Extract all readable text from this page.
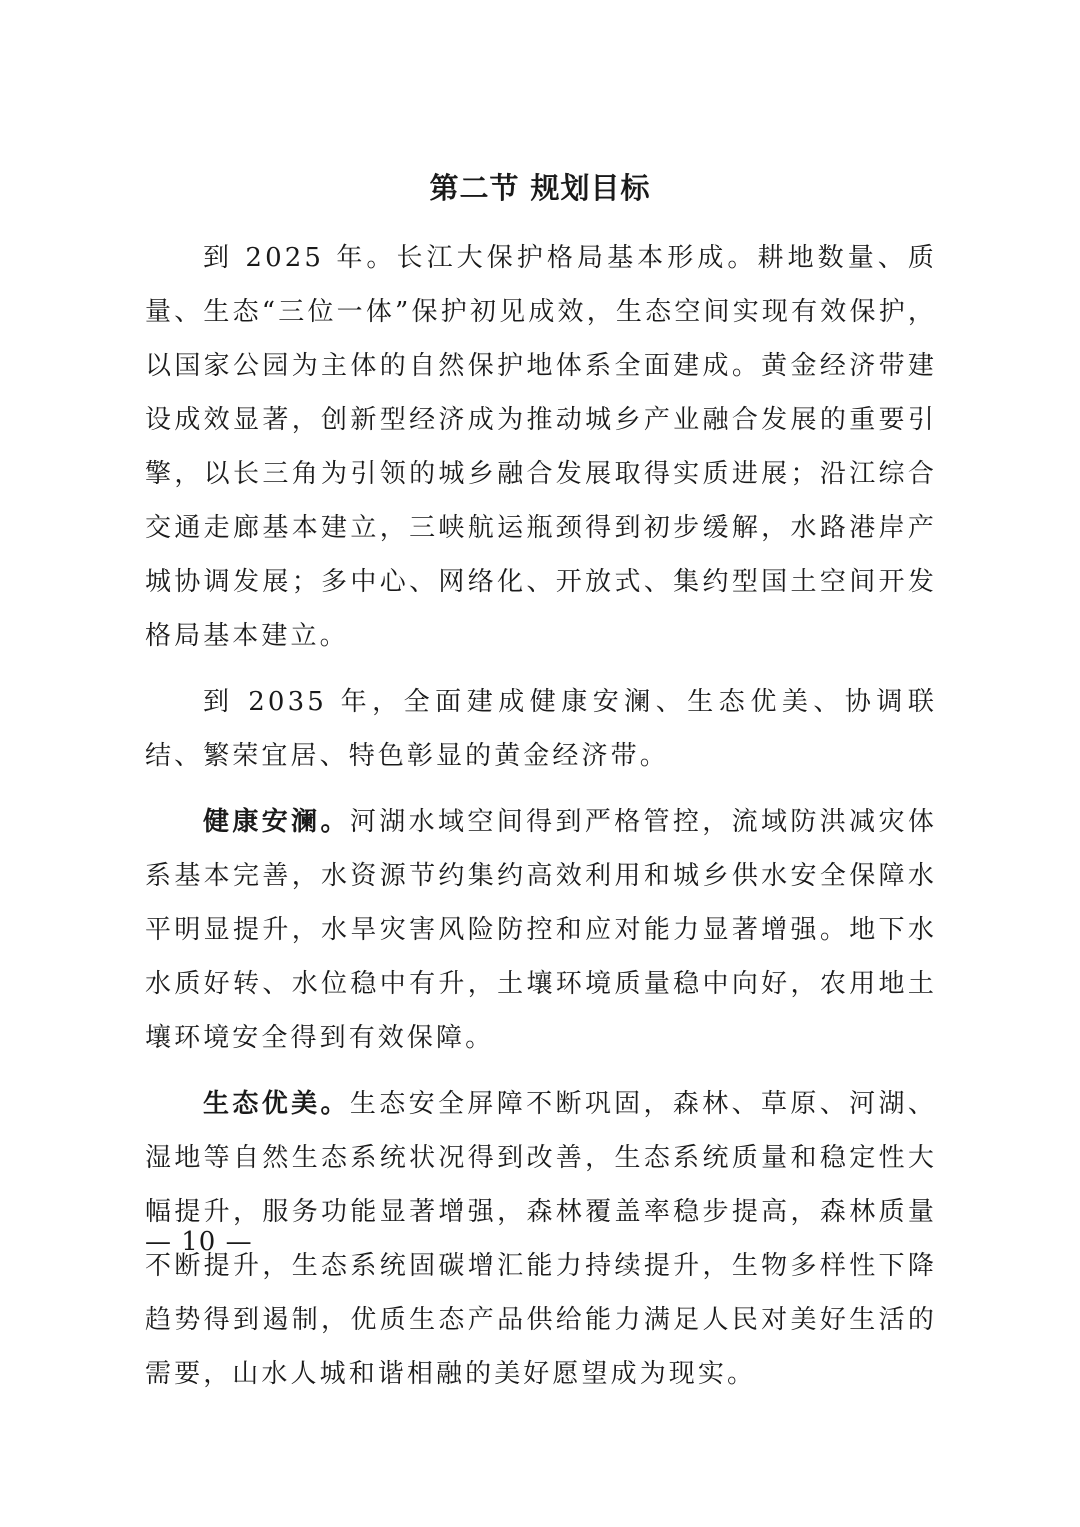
第二节 规划目标

到 2025 年。长江大保护格局基本形成。耕地数量、质量、生态“三位一体”保护初见成效，生态空间实现有效保护，以国家公园为主体的自然保护地体系全面建成。黄金经济带建设成效显著，创新型经济成为推动城乡产业融合发展的重要引擎，以长三角为引领的城乡融合发展取得实质进展；沿江综合交通走廊基本建立，三峡航运瓶颈得到初步缓解，水路港岸产城协调发展；多中心、网络化、开放式、集约型国土空间开发格局基本建立。

到 2035 年，全面建成健康安澜、生态优美、协调联结、繁荣宜居、特色彰显的黄金经济带。

健康安澜。河湖水域空间得到严格管控，流域防洪减灾体系基本完善，水资源节约集约高效利用和城乡供水安全保障水平明显提升，水旱灾害风险防控和应对能力显著增强。地下水水质好转、水位稳中有升，土壤环境质量稳中向好，农用地土壤环境安全得到有效保障。

生态优美。生态安全屏障不断巩固，森林、草原、河湖、湿地等自然生态系统状况得到改善，生态系统质量和稳定性大幅提升，服务功能显著增强，森林覆盖率稳步提高，森林质量不断提升，生态系统固碳增汇能力持续提升，生物多样性下降趋势得到遏制，优质生态产品供给能力满足人民对美好生活的需要，山水人城和谐相融的美好愿望成为现实。

— 10 —
